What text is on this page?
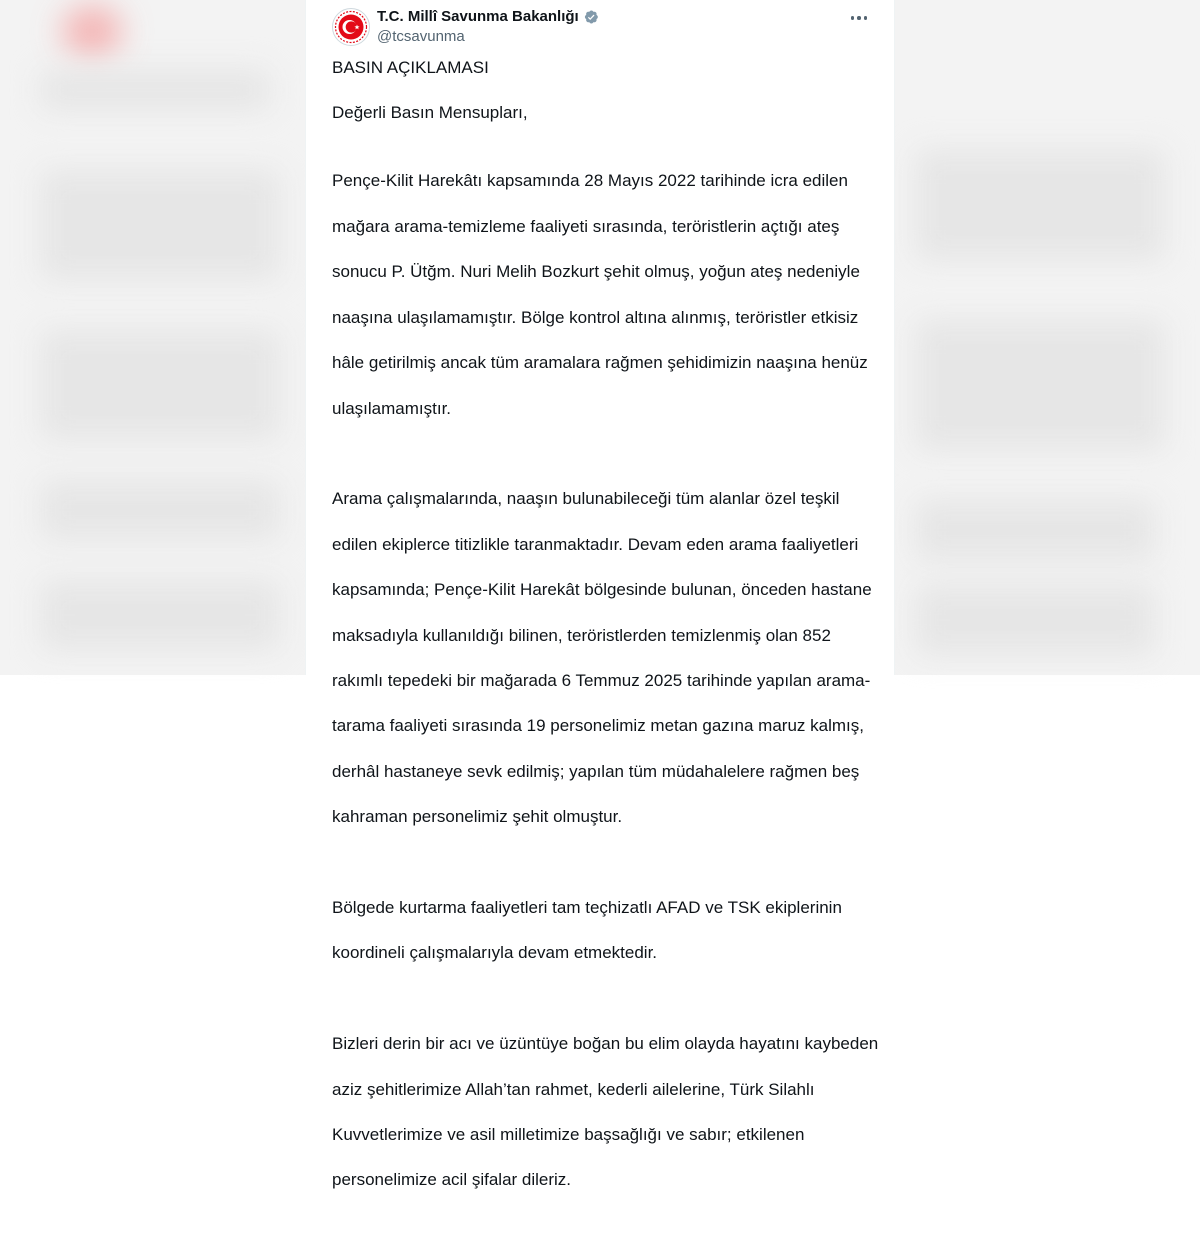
T.C. Millî Savunma Bakanlığı
@tcsavunma

BASIN AÇIKLAMASI

Değerli Basın Mensupları,

Pençe-Kilit Harekâtı kapsamında 28 Mayıs 2022 tarihinde icra edilen

mağara arama-temizleme faaliyeti sırasında, teröristlerin açtığı ateş

sonucu P. Ütğm. Nuri Melih Bozkurt şehit olmuş, yoğun ateş nedeniyle

naaşına ulaşılamamıştır. Bölge kontrol altına alınmış, teröristler etkisiz

hâle getirilmiş ancak tüm aramalara rağmen şehidimizin naaşına henüz

ulaşılamamıştır.

Arama çalışmalarında, naaşın bulunabileceği tüm alanlar özel teşkil

edilen ekiplerce titizlikle taranmaktadır. Devam eden arama faaliyetleri

kapsamında; Pençe-Kilit Harekât bölgesinde bulunan, önceden hastane

maksadıyla kullanıldığı bilinen, teröristlerden temizlenmiş olan 852

rakımlı tepedeki bir mağarada 6 Temmuz 2025 tarihinde yapılan arama-

tarama faaliyeti sırasında 19 personelimiz metan gazına maruz kalmış,

derhâl hastaneye sevk edilmiş; yapılan tüm müdahalelere rağmen beş

kahraman personelimiz şehit olmuştur.

Bölgede kurtarma faaliyetleri tam teçhizatlı AFAD ve TSK ekiplerinin

koordineli çalışmalarıyla devam etmektedir.

Bizleri derin bir acı ve üzüntüye boğan bu elim olayda hayatını kaybeden

aziz şehitlerimize Allah’tan rahmet, kederli ailelerine, Türk Silahlı

Kuvvetlerimize ve asil milletimize başsağlığı ve sabır; etkilenen

personelimize acil şifalar dileriz.
